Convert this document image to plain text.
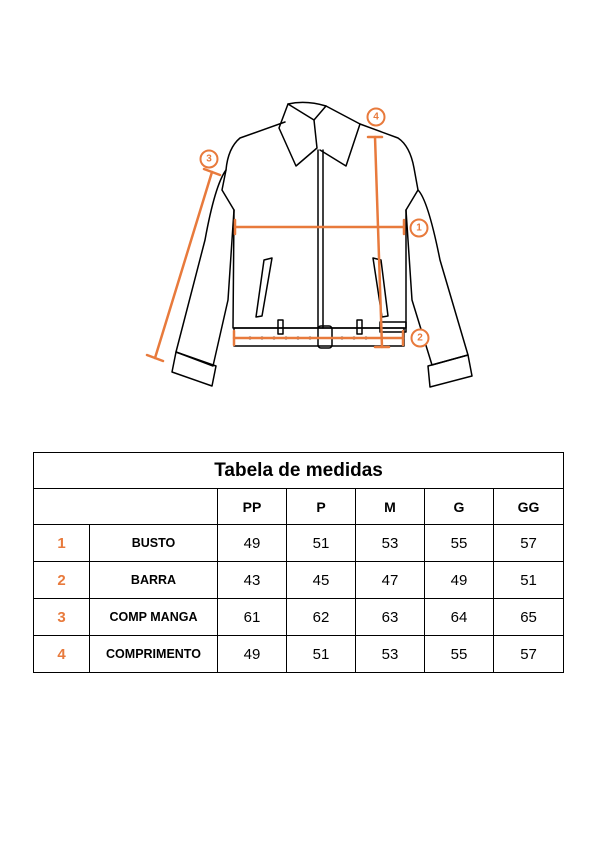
1
2
3
4
Tabela de medidas						
		PP	P	M	G	GG
1	BUSTO	49	51	53	55	57
2	BARRA	43	45	47	49	51
3	COMP MANGA	61	62	63	64	65
4	COMPRIMENTO	49	51	53	55	57
